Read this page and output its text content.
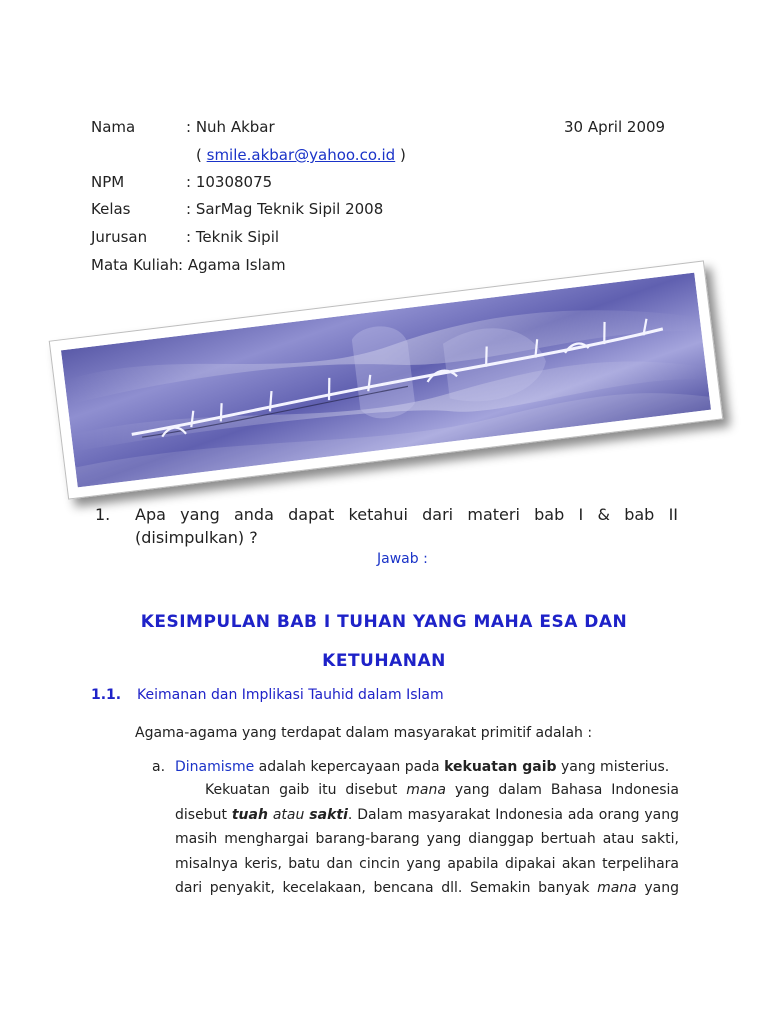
Nama	: Nuh Akbar	30 April 2009
( smile.akbar@yahoo.co.id )
NPM	: 10308075
Kelas	: SarMag Teknik Sipil 2008
Jurusan	: Teknik Sipil
Mata Kuliah : Agama Islam
1. Apa yang anda dapat ketahui dari materi bab I & bab II
(disimpulkan) ?
Jawab :
KESIMPULAN BAB I TUHAN YANG MAHA ESA DAN
KETUHANAN
1.1. Keimanan dan Implikasi Tauhid dalam Islam
Agama-agama yang terdapat dalam masyarakat primitif adalah :
a. Dinamisme adalah kepercayaan pada kekuatan gaib yang misterius.
Kekuatan gaib itu disebut mana yang dalam Bahasa Indonesia
disebut tuah atau sakti. Dalam masyarakat Indonesia ada orang yang
masih menghargai barang-barang yang dianggap bertuah atau sakti,
misalnya keris, batu dan cincin yang apabila dipakai akan terpelihara
dari penyakit, kecelakaan, bencana dll. Semakin banyak mana yang
